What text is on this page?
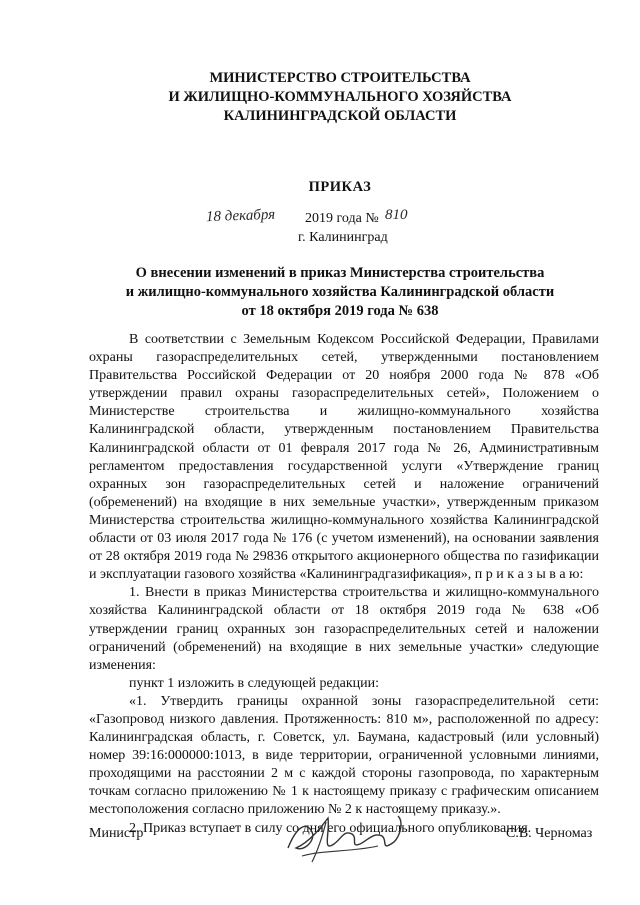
МИНИСТЕРСТВО СТРОИТЕЛЬСТВА
И ЖИЛИЩНО-КОММУНАЛЬНОГО ХОЗЯЙСТВА
КАЛИНИНГРАДСКОЙ ОБЛАСТИ
ПРИКАЗ
18 декабря 2019 года № 810
г. Калининград
О внесении изменений в приказ Министерства строительства
и жилищно-коммунального хозяйства Калининградской области
от 18 октября 2019 года № 638

В соответствии с Земельным Кодексом Российской Федерации, Правилами охраны газораспределительных сетей, утвержденными постановлением Правительства Российской Федерации от 20 ноября 2000 года № 878 «Об утверждении правил охраны газораспределительных сетей», Положением о Министерстве строительства и жилищно-коммунального хозяйства Калининградской области, утвержденным постановлением Правительства Калининградской области от 01 февраля 2017 года № 26, Административным регламентом предоставления государственной услуги «Утверждение границ охранных зон газораспределительных сетей и наложение ограничений (обременений) на входящие в них земельные участки», утвержденным приказом Министерства строительства жилищно-коммунального хозяйства Калининградской области от 03 июля 2017 года № 176 (с учетом изменений), на основании заявления от 28 октября 2019 года № 29836 открытого акционерного общества по газификации и эксплуатации газового хозяйства «Калининградгазификация», п р и к а з ы в а ю:

1. Внести в приказ Министерства строительства и жилищно-коммунального хозяйства Калининградской области от 18 октября 2019 года № 638 «Об утверждении границ охранных зон газораспределительных сетей и наложении ограничений (обременений) на входящие в них земельные участки» следующие изменения:

пункт 1 изложить в следующей редакции:

«1. Утвердить границы охранной зоны газораспределительной сети: «Газопровод низкого давления. Протяженность: 810 м», расположенной по адресу: Калининградская область, г. Советск, ул. Баумана, кадастровый (или условный) номер 39:16:000000:1013, в виде территории, ограниченной условными линиями, проходящими на расстоянии 2 м с каждой стороны газопровода, по характерным точкам согласно приложению № 1 к настоящему приказу с графическим описанием местоположения согласно приложению № 2 к настоящему приказу.».

2. Приказ вступает в силу со дня его официального опубликования.

Министр	С.В. Черномаз
